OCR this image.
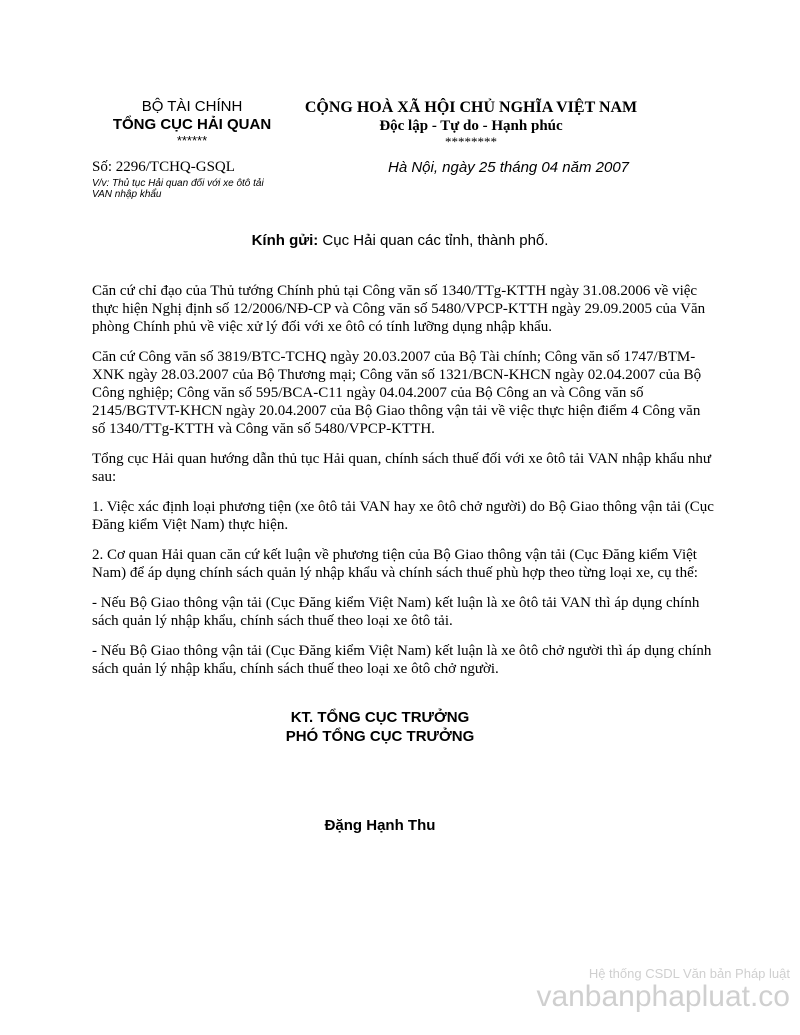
BỘ TÀI CHÍNH
TỔNG CỤC HẢI QUAN
******
CỘNG HOÀ XÃ HỘI CHỦ NGHĨA VIỆT NAM
Độc lập - Tự do - Hạnh phúc
********
Số: 2296/TCHQ-GSQL
V/v: Thủ tục Hải quan đối với xe ôtô tải
VAN nhập khẩu
Hà Nội, ngày 25 tháng 04 năm 2007
Kính gửi: Cục Hải quan các tỉnh, thành phố.

Căn cứ chỉ đạo của Thủ tướng Chính phủ tại Công văn số 1340/TTg-KTTH ngày 31.08.2006 về việc thực hiện Nghị định số 12/2006/NĐ-CP và Công văn số 5480/VPCP-KTTH ngày 29.09.2005 của Văn phòng Chính phủ về việc xử lý đối với xe ôtô có tính lưỡng dụng nhập khẩu.

Căn cứ Công văn số 3819/BTC-TCHQ ngày 20.03.2007 của Bộ Tài chính; Công văn số 1747/BTM-XNK ngày 28.03.2007 của Bộ Thương mại; Công văn số 1321/BCN-KHCN ngày 02.04.2007 của Bộ Công nghiệp; Công văn số 595/BCA-C11 ngày 04.04.2007 của Bộ Công an và Công văn số 2145/BGTVT-KHCN ngày 20.04.2007 của Bộ Giao thông vận tải về việc thực hiện điểm 4 Công văn số 1340/TTg-KTTH và Công văn số 5480/VPCP-KTTH.

Tổng cục Hải quan hướng dẫn thủ tục Hải quan, chính sách thuế đối với xe ôtô tải VAN nhập khẩu như sau:

1. Việc xác định loại phương tiện (xe ôtô tải VAN hay xe ôtô chở người) do Bộ Giao thông vận tải (Cục Đăng kiểm Việt Nam) thực hiện.

2. Cơ quan Hải quan căn cứ kết luận về phương tiện của Bộ Giao thông vận tải (Cục Đăng kiểm Việt Nam) để áp dụng chính sách quản lý nhập khẩu và chính sách thuế phù hợp theo từng loại xe, cụ thể:

- Nếu Bộ Giao thông vận tải (Cục Đăng kiểm Việt Nam) kết luận là xe ôtô tải VAN thì áp dụng chính sách quản lý nhập khẩu, chính sách thuế theo loại xe ôtô tải.

- Nếu Bộ Giao thông vận tải (Cục Đăng kiểm Việt Nam) kết luận là xe ôtô chở người thì áp dụng chính sách quản lý nhập khẩu, chính sách thuế theo loại xe ôtô chở người.

KT. TỔNG CỤC TRƯỞNG
PHÓ TỔNG CỤC TRƯỞNG
Đặng Hạnh Thu
Hệ thống CSDL Văn bản Pháp luật
vanbanphapluat.co
